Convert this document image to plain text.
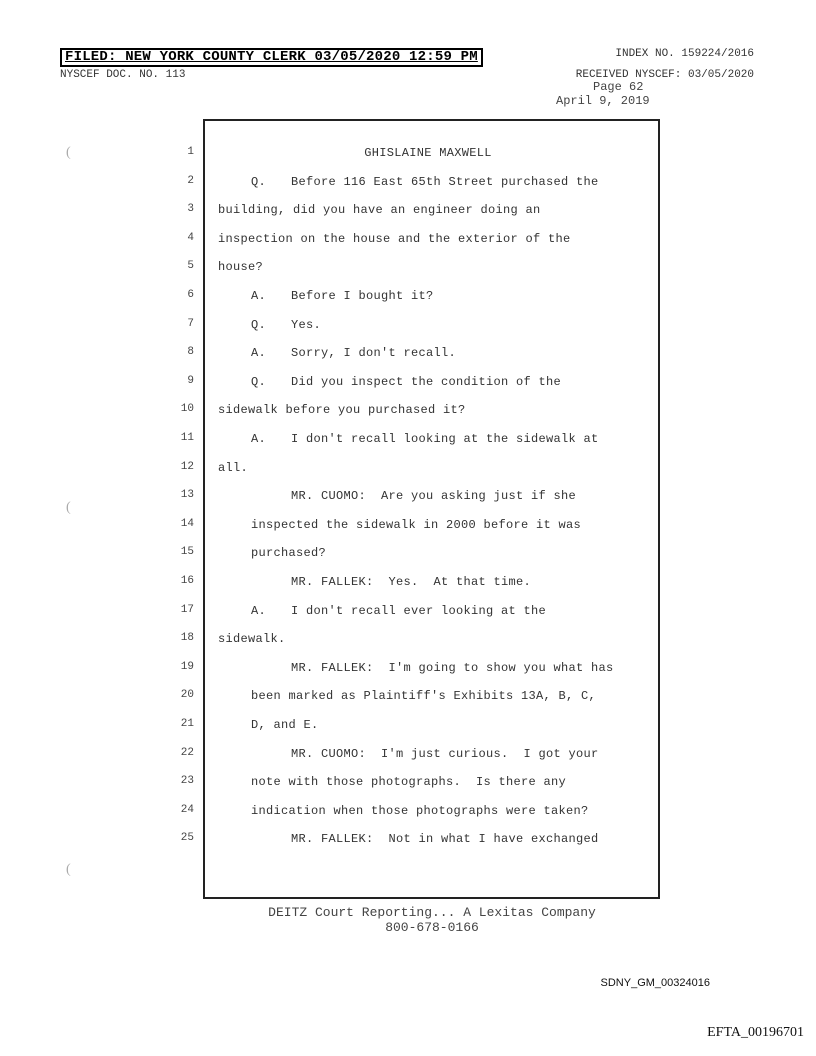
FILED: NEW YORK COUNTY CLERK 03/05/2020 12:59 PM	INDEX NO. 159224/2016
NYSCEF DOC. NO. 113	RECEIVED NYSCEF: 03/05/2020
Page 62
April 9, 2019
(
(
(
1
2
3
4
5
6
7
8
9
10
11
12
13
14
15
16
17
18
19
20
21
22
23
24
25
GHISLAINE MAXWELL
Q. Before 116 East 65th Street purchased the
building, did you have an engineer doing an
inspection on the house and the exterior of the
house?
A. Before I bought it?
Q. Yes.
A. Sorry, I don't recall.
Q. Did you inspect the condition of the
sidewalk before you purchased it?
A. I don't recall looking at the sidewalk at
all.
MR. CUOMO:  Are you asking just if she
inspected the sidewalk in 2000 before it was
purchased?
MR. FALLEK:  Yes.  At that time.
A. I don't recall ever looking at the
sidewalk.
MR. FALLEK:  I'm going to show you what has
been marked as Plaintiff's Exhibits 13A, B, C,
D, and E.
MR. CUOMO:  I'm just curious.  I got your
note with those photographs.  Is there any
indication when those photographs were taken?
MR. FALLEK:  Not in what I have exchanged
DEITZ Court Reporting... A Lexitas Company
800-678-0166
SDNY_GM_00324016
EFTA_00196701
